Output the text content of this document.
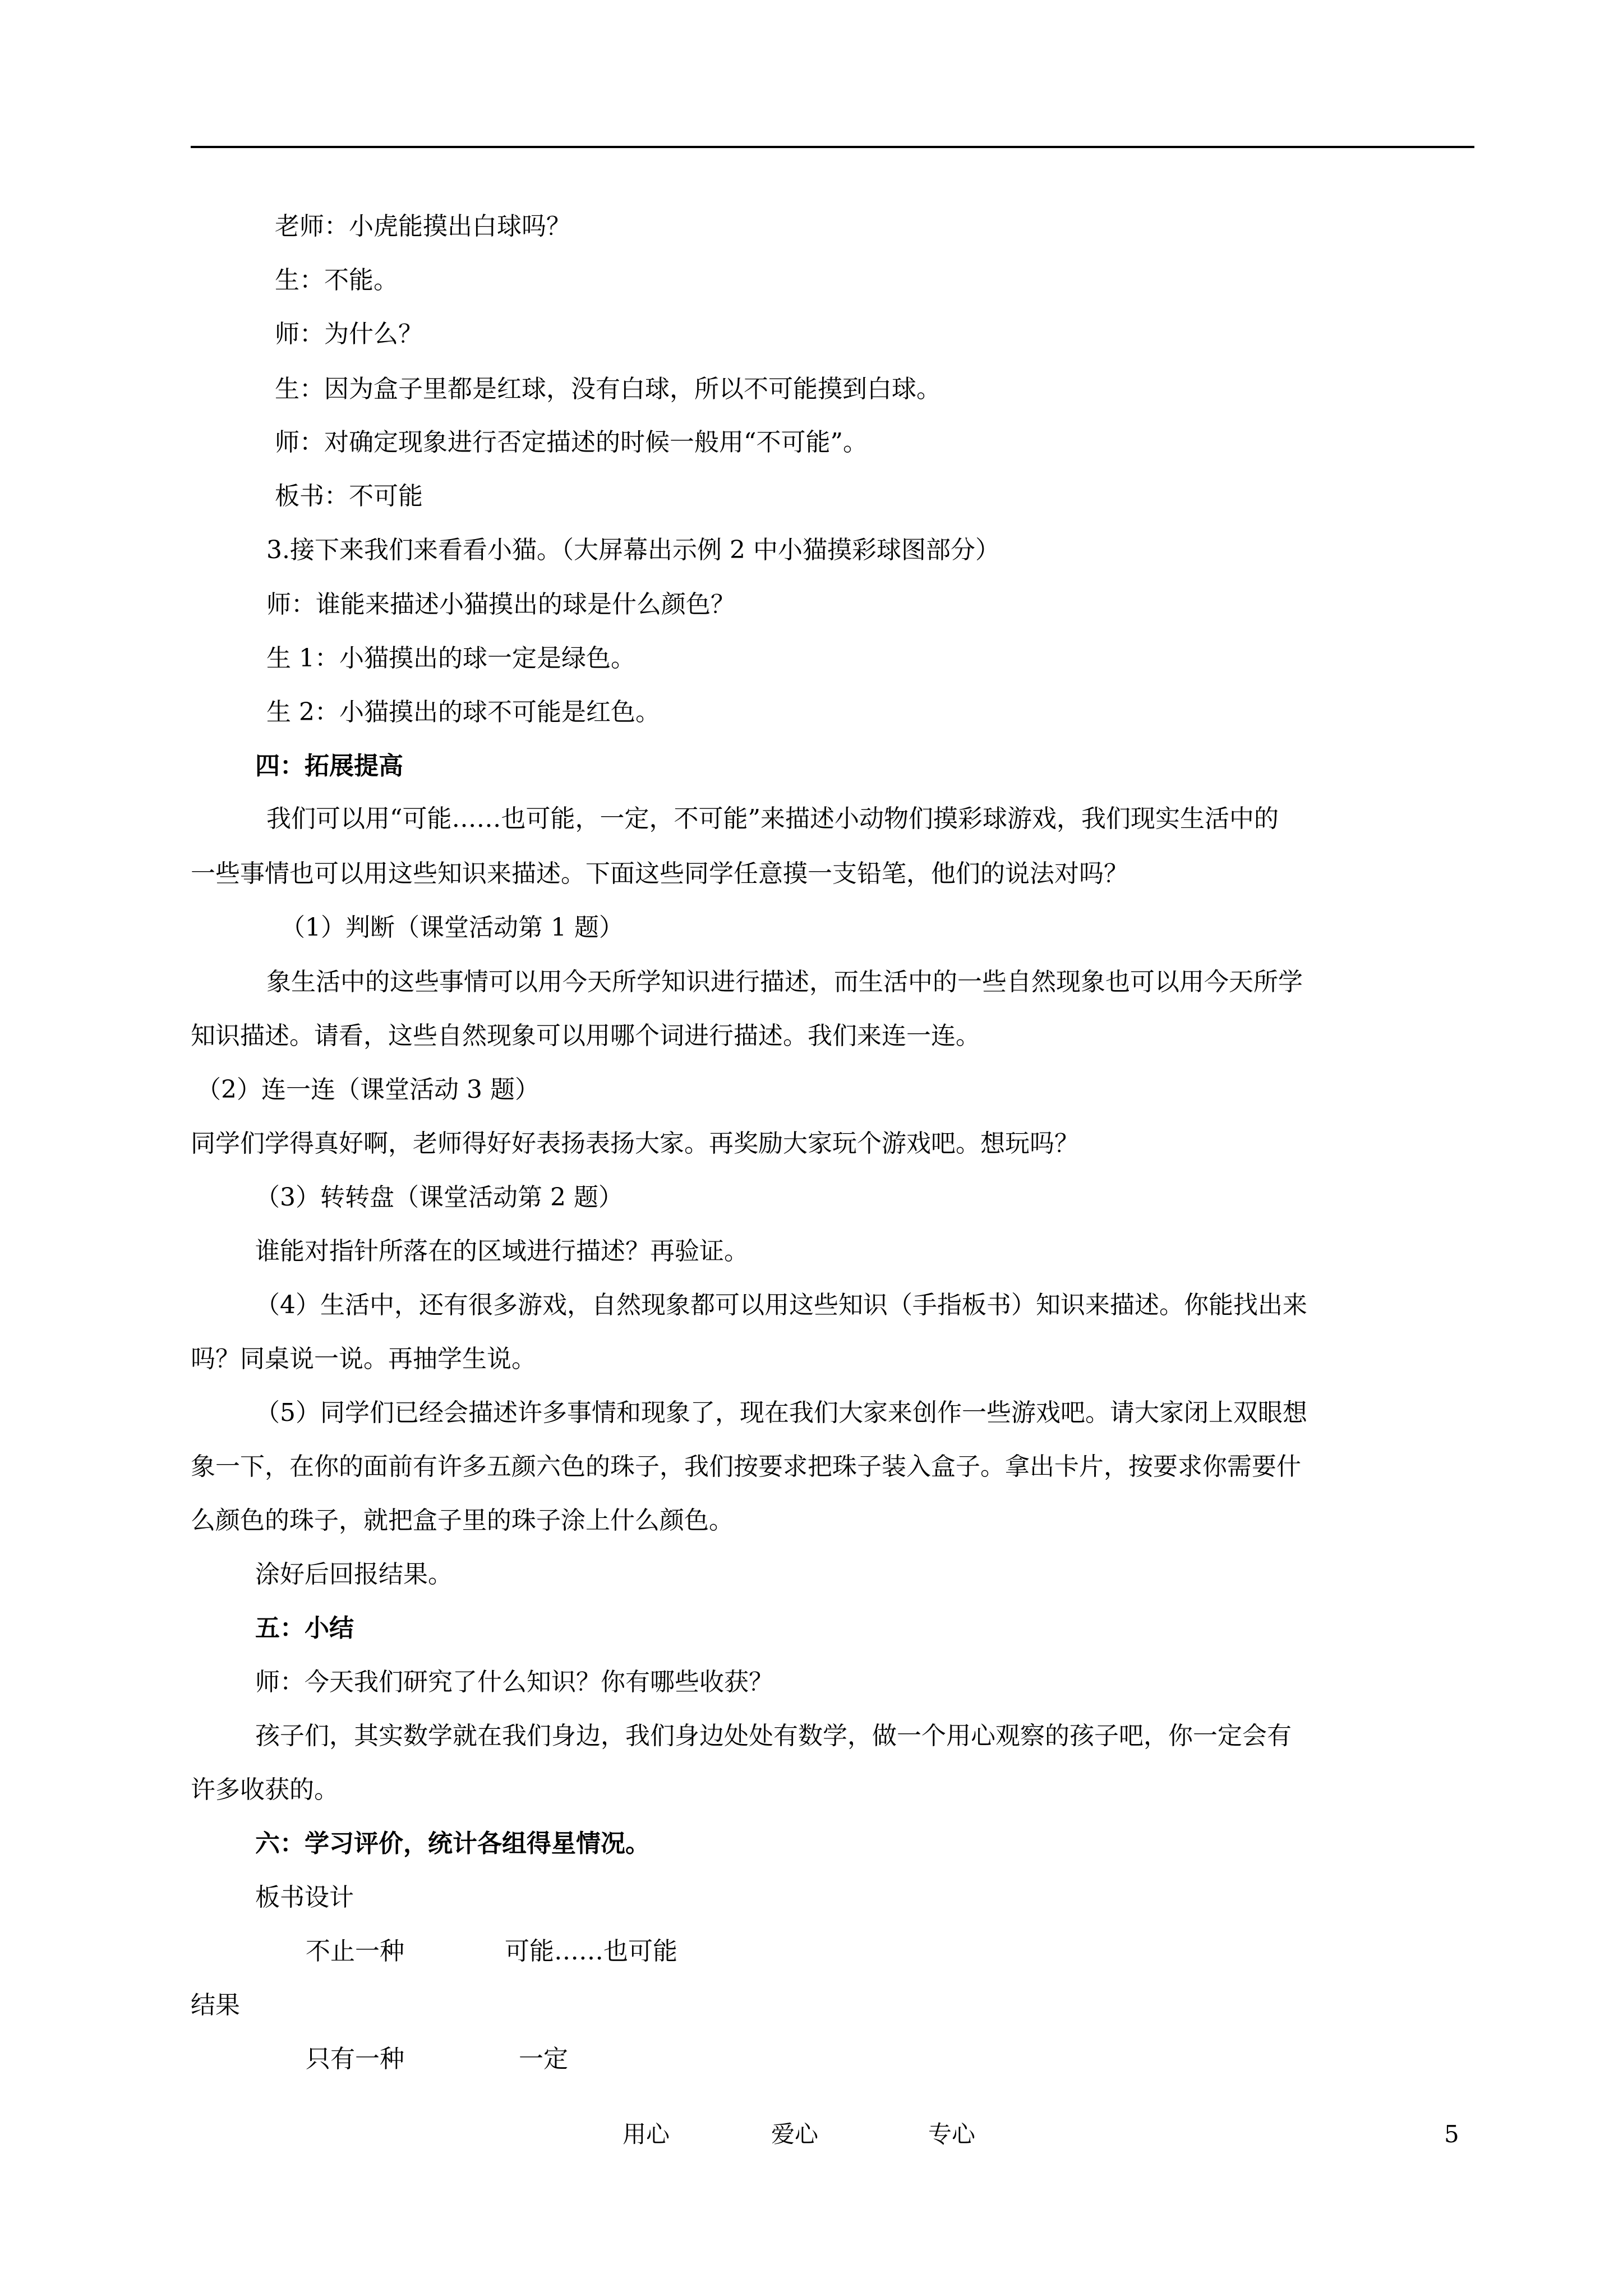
老师：小虎能摸出白球吗？
生：不能。
师：为什么？
生：因为盒子里都是红球，没有白球，所以不可能摸到白球。
师：对确定现象进行否定描述的时候一般用“不可能”。
板书：不可能
3.接下来我们来看看小猫。（大屏幕出示例 2 中小猫摸彩球图部分）
师：谁能来描述小猫摸出的球是什么颜色？
生 1：小猫摸出的球一定是绿色。
生 2：小猫摸出的球不可能是红色。
四：拓展提高
我们可以用“可能……也可能，一定，不可能”来描述小动物们摸彩球游戏，我们现实生活中的
一些事情也可以用这些知识来描述。下面这些同学任意摸一支铅笔，他们的说法对吗？
（1）判断（课堂活动第 1 题）
象生活中的这些事情可以用今天所学知识进行描述，而生活中的一些自然现象也可以用今天所学
知识描述。请看，这些自然现象可以用哪个词进行描述。我们来连一连。
（2）连一连（课堂活动 3 题）
同学们学得真好啊，老师得好好表扬表扬大家。再奖励大家玩个游戏吧。想玩吗？
（3）转转盘（课堂活动第 2 题）
谁能对指针所落在的区域进行描述？再验证。
（4）生活中，还有很多游戏，自然现象都可以用这些知识（手指板书）知识来描述。你能找出来
吗？同桌说一说。再抽学生说。
（5）同学们已经会描述许多事情和现象了，现在我们大家来创作一些游戏吧。请大家闭上双眼想
象一下，在你的面前有许多五颜六色的珠子，我们按要求把珠子装入盒子。拿出卡片，按要求你需要什
么颜色的珠子，就把盒子里的珠子涂上什么颜色。
涂好后回报结果。
五：小结
师：今天我们研究了什么知识？你有哪些收获？
孩子们，其实数学就在我们身边，我们身边处处有数学，做一个用心观察的孩子吧，你一定会有
许多收获的。
六：学习评价，统计各组得星情况。
板书设计
不止一种	可能……也可能
结果
只有一种	一定
用心	爱心	专心	5
